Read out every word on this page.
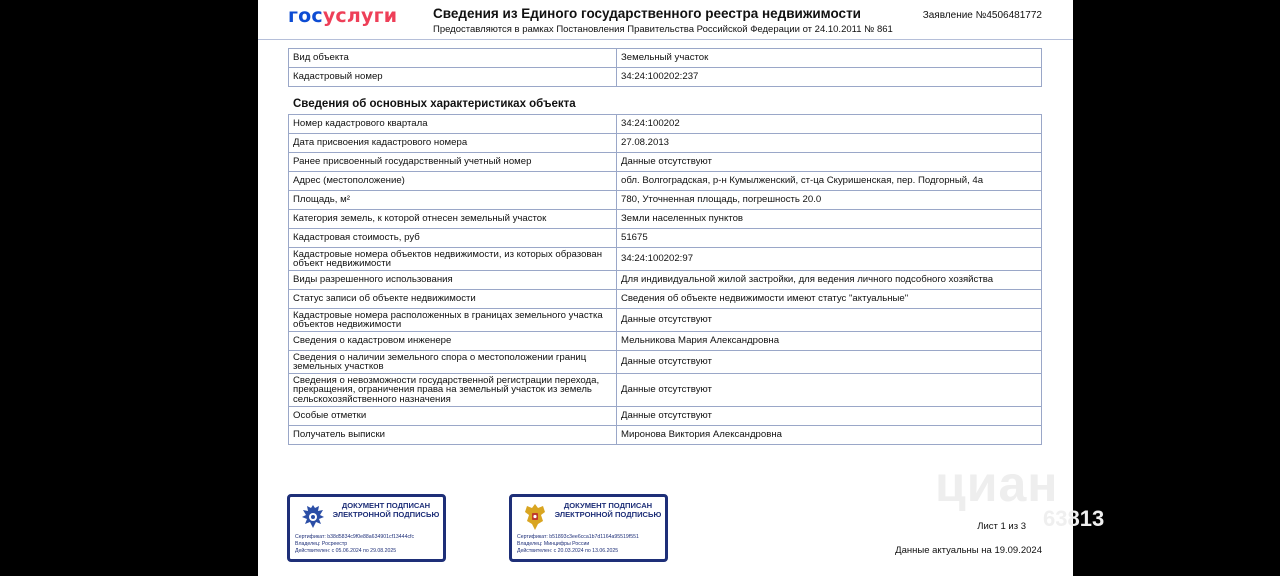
госуслуги	Сведения из Единого государственного реестра недвижимости
Предоставляются в рамках Постановления Правительства Российской Федерации от 24.10.2011 № 861
Заявление №4506481772
Вид объекта	Земельный участок
Кадастровый номер	34:24:100202:237
Сведения об основных характеристиках объекта
Номер кадастрового квартала	34:24:100202
Дата присвоения кадастрового номера	27.08.2013
Ранее присвоенный государственный учетный номер	Данные отсутствуют
Адрес (местоположение)	обл. Волгоградская, р-н Кумылженский, ст-ца Скуришенская, пер. Подгорный, 4а
Площадь, м²	780, Уточненная площадь, погрешность 20.0
Категория земель, к которой отнесен земельный участок	Земли населенных пунктов
Кадастровая стоимость, руб	51675
Кадастровые номера объектов недвижимости, из которых образован объект недвижимости	34:24:100202:97
Виды разрешенного использования	Для индивидуальной жилой застройки, для ведения личного подсобного хозяйства
Статус записи об объекте недвижимости	Сведения об объекте недвижимости имеют статус "актуальные"
Кадастровые номера расположенных в границах земельного участка объектов недвижимости	Данные отсутствуют
Сведения о кадастровом инженере	Мельникова Мария Александровна
Сведения о наличии земельного спора о местоположении границ земельных участков	Данные отсутствуют
Сведения о невозможности государственной регистрации перехода, прекращения, ограничения права на земельный участок из земель сельскохозяйственного назначения	Данные отсутствуют
Особые отметки	Данные отсутствуют
Получатель выписки	Миронова Виктория Александровна
ДОКУМЕНТ ПОДПИСАН ЭЛЕКТРОННОЙ ПОДПИСЬЮ
Сертификат: b38d5834c9f0e88a634901cf13444cfc
Владелец: Росреестр
Действителен: с 05.06.2024 по 29.08.2025
ДОКУМЕНТ ПОДПИСАН ЭЛЕКТРОННОЙ ПОДПИСЬЮ
Сертификат: b51893c3ee6cca1b7d1164a95519f551
Владелец: Минцифры России
Действителен: с 20.03.2024 по 13.06.2025
Лист 1 из 3
Данные актуальны на 19.09.2024
циан
63813
